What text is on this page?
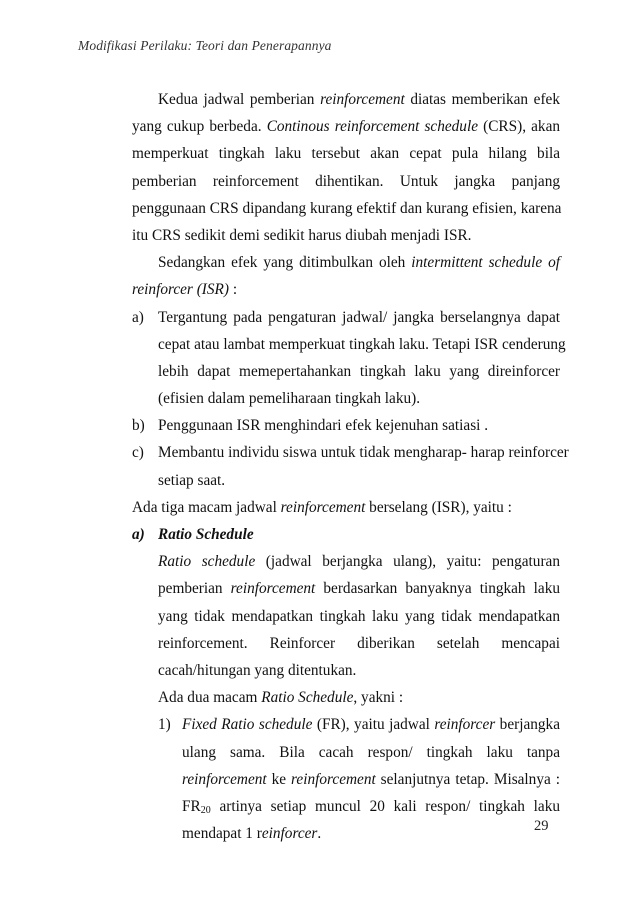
Modifikasi Perilaku: Teori dan Penerapannya
Kedua jadwal pemberian reinforcement diatas memberikan efek
yang cukup berbeda. Continous reinforcement schedule (CRS), akan
memperkuat tingkah laku tersebut akan cepat pula hilang bila
pemberian reinforcement dihentikan. Untuk jangka panjang
penggunaan CRS dipandang kurang efektif dan kurang efisien, karena
itu CRS sedikit demi sedikit harus diubah menjadi ISR.
Sedangkan efek yang ditimbulkan oleh intermittent schedule of
reinforcer (ISR) :
a) Tergantung pada pengaturan jadwal/ jangka berselangnya dapat
cepat atau lambat memperkuat tingkah laku. Tetapi ISR cenderung
lebih dapat memepertahankan tingkah laku yang direinforcer
(efisien dalam pemeliharaan tingkah laku).
b) Penggunaan ISR menghindari efek kejenuhan satiasi .
c) Membantu individu siswa untuk tidak mengharap- harap reinforcer
setiap saat.
Ada tiga macam jadwal reinforcement berselang (ISR), yaitu :
a) Ratio Schedule
Ratio schedule (jadwal berjangka ulang), yaitu: pengaturan
pemberian reinforcement berdasarkan banyaknya tingkah laku
yang tidak mendapatkan tingkah laku yang tidak mendapatkan
reinforcement. Reinforcer diberikan setelah mencapai
cacah/hitungan yang ditentukan.
Ada dua macam Ratio Schedule, yakni :
1) Fixed Ratio schedule (FR), yaitu jadwal reinforcer berjangka
ulang sama. Bila cacah respon/ tingkah laku tanpa
reinforcement ke reinforcement selanjutnya tetap. Misalnya :
$FR_{20}$ artinya setiap muncul 20 kali respon/ tingkah laku
mendapat 1 reinforcer.	29
